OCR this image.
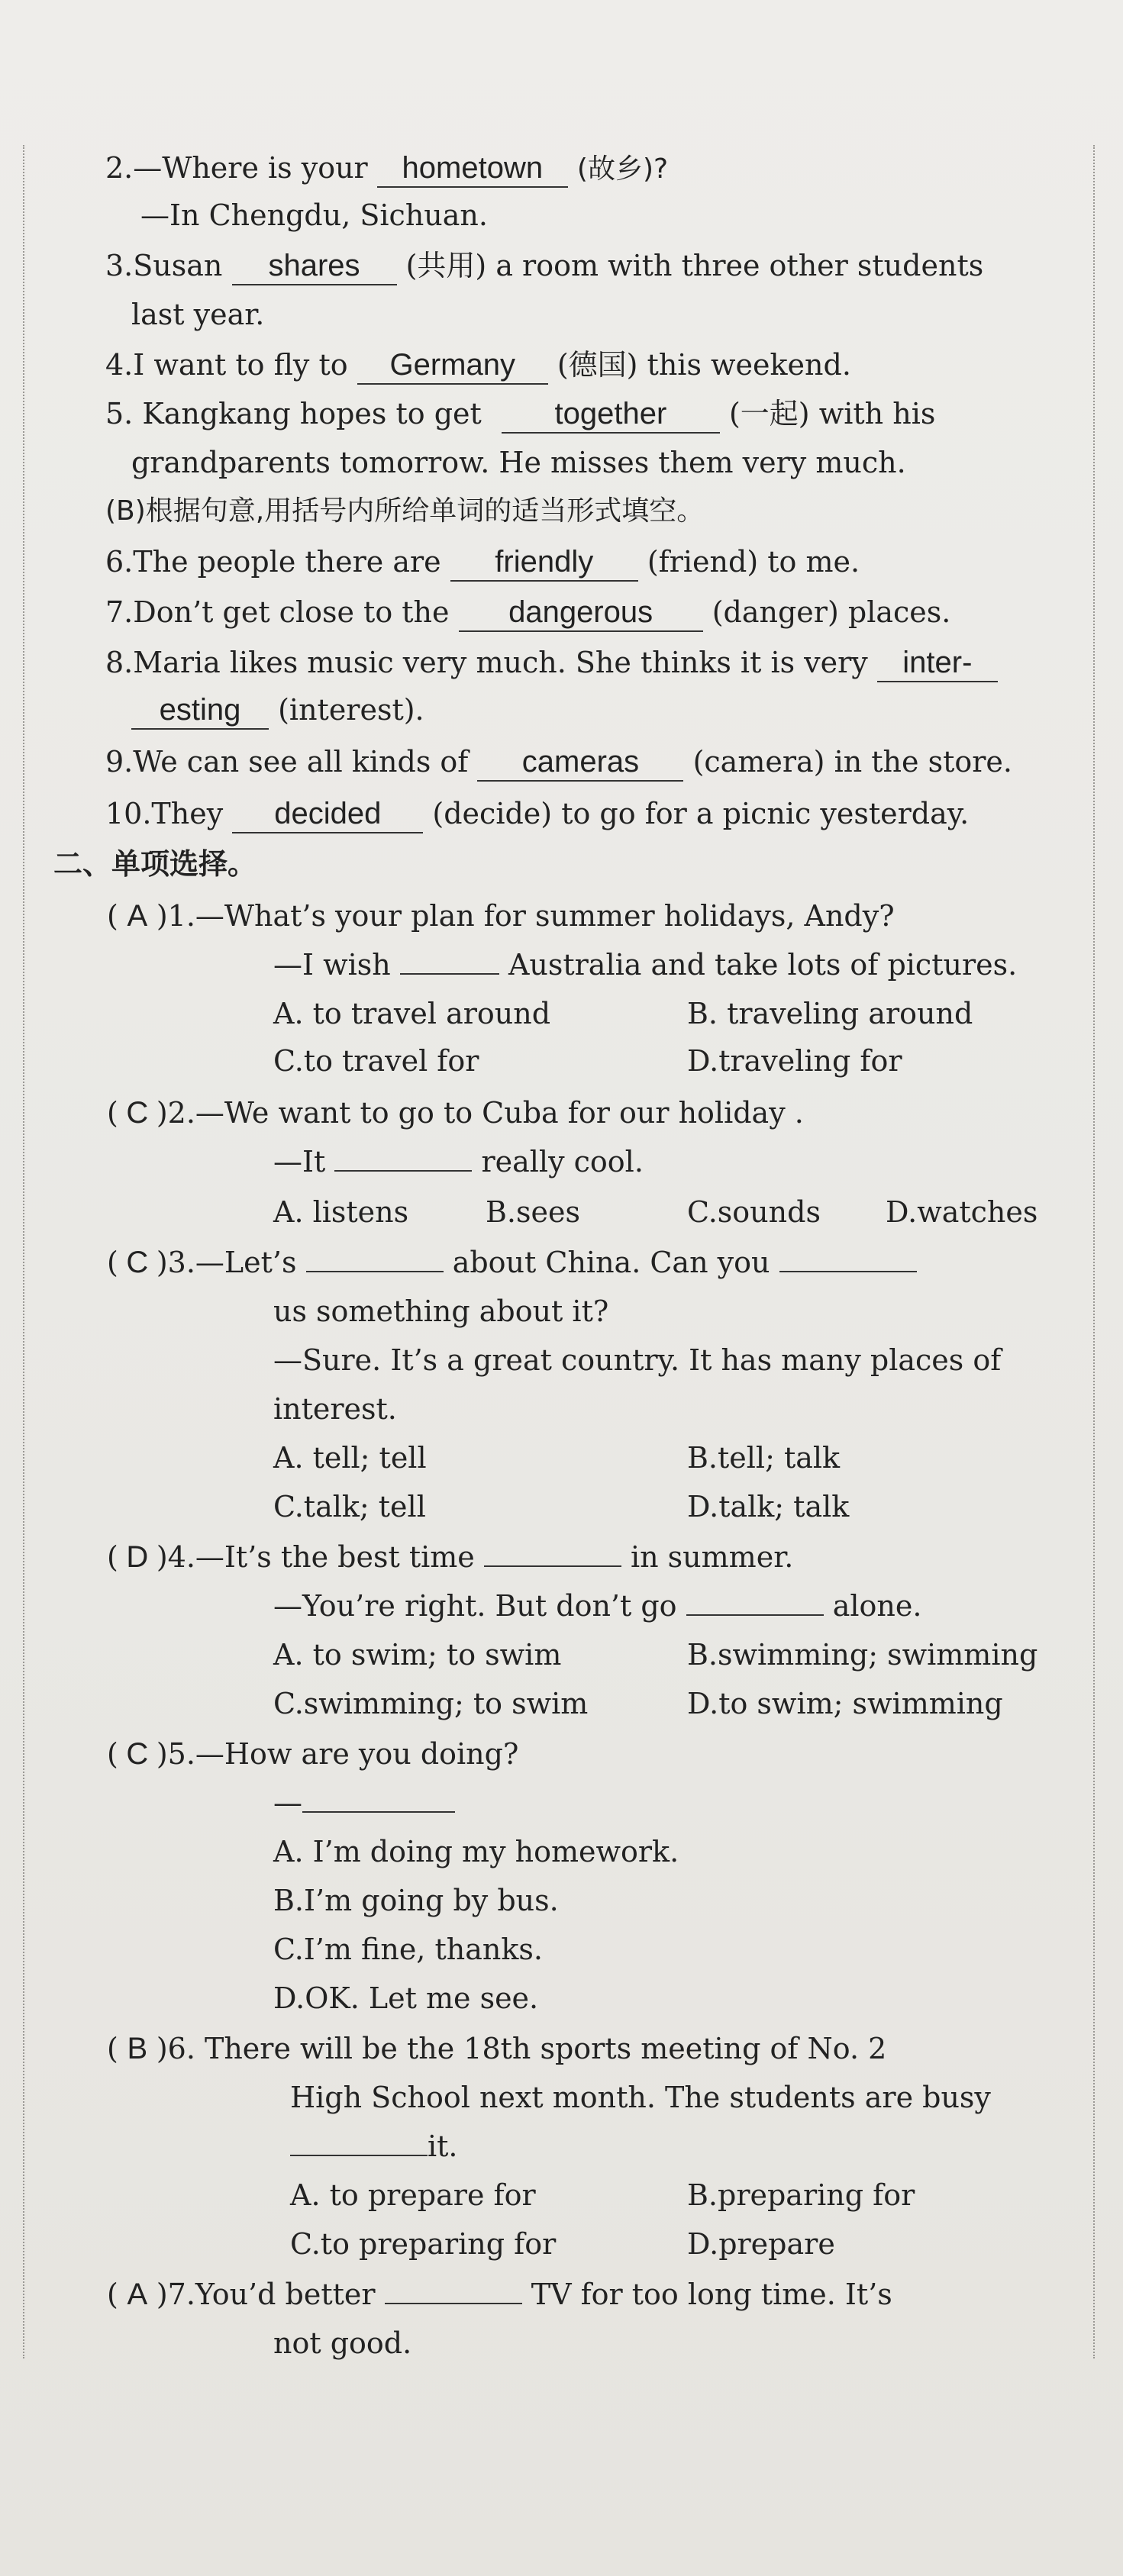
2.—Where is your hometown (故乡)?
—In Chengdu, Sichuan.
3.Susan shares (共用) a room with three other students
last year.
4.I want to fly to Germany (德国) this weekend.
5. Kangkang hopes to get together (一起) with his
grandparents tomorrow. He misses them very much.
(B)根据句意,用括号内所给单词的适当形式填空。
6.The people there are friendly (friend) to me.
7.Don’t get close to the dangerous (danger) places.
8.Maria likes music very much. She thinks it is very inter-
esting (interest).
9.We can see all kinds of cameras (camera) in the store.
10.They decided (decide) to go for a picnic yesterday.
二、单项选择。
( A )1.—What’s your plan for summer holidays, Andy?
—I wish	Australia and take lots of pictures.
A. to travel around	B. traveling around
C.to travel for	D.traveling for
( C )2.—We want to go to Cuba for our holiday .
—It	really cool.
A. listens	B.sees	C.sounds D.watches
( C )3.—Let’s	about China. Can you
us something about it?
—Sure. It’s a great country. It has many places of
interest.
A. tell; tell	B.tell; talk
C.talk; tell	D.talk; talk
( D )4.—It’s the best time	in summer.
—You’re right. But don’t go	alone.
A. to swim; to swim	B.swimming; swimming
C.swimming; to swim	D.to swim; swimming
( C )5.—How are you doing?
—
A. I’m doing my homework.
B.I’m going by bus.
C.I’m fine, thanks.
D.OK. Let me see.
( B )6. There will be the 18th sports meeting of No. 2
High School next month. The students are busy
it.
A. to prepare for	B.preparing for
C.to preparing for	D.prepare
( A )7.You’d better	TV for too long time. It’s
not good.
